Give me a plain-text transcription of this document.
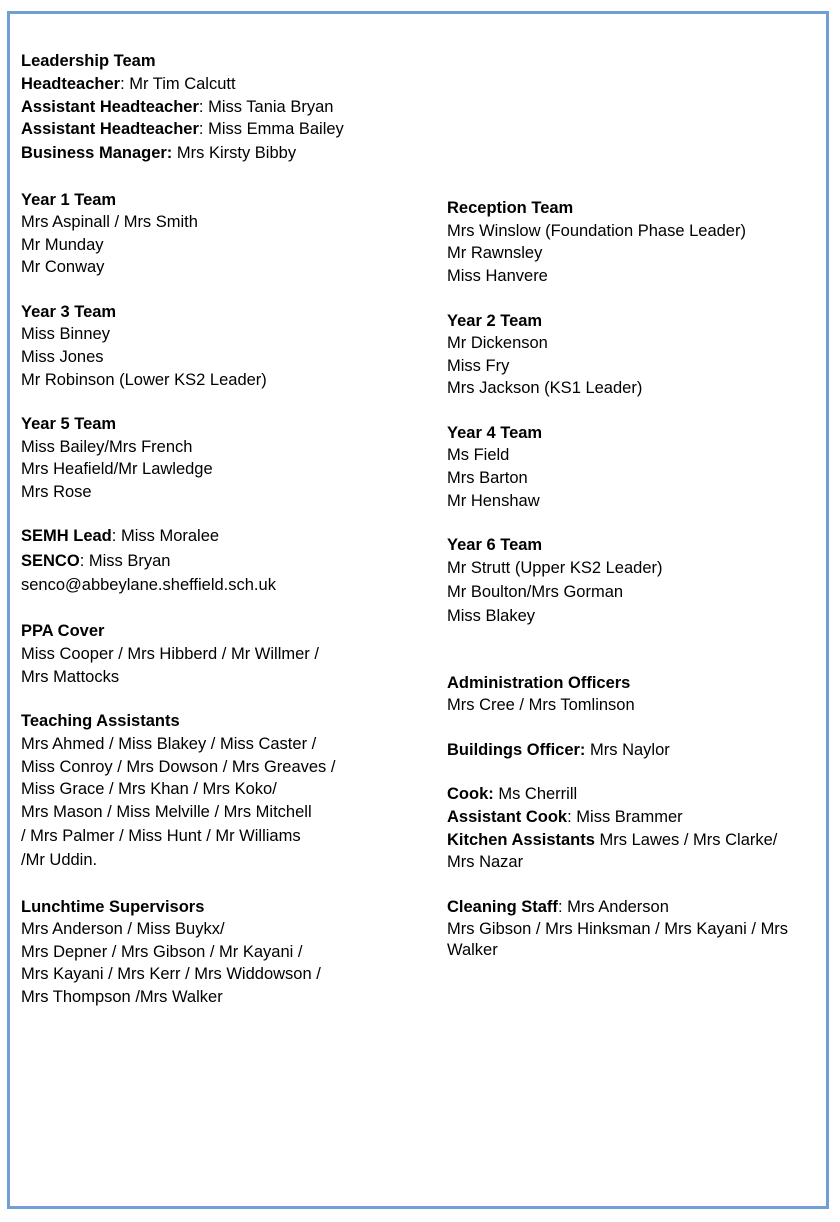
Leadership Team
Headteacher: Mr Tim Calcutt
Assistant Headteacher: Miss Tania Bryan
Assistant Headteacher: Miss Emma Bailey
Business Manager: Mrs Kirsty Bibby
Year 1 Team
Mrs Aspinall / Mrs Smith
Mr Munday
Mr Conway
Year 3 Team
Miss Binney
Miss Jones
Mr Robinson (Lower KS2 Leader)
Year 5 Team
Miss Bailey/Mrs French
Mrs Heafield/Mr Lawledge
Mrs Rose
SEMH Lead: Miss Moralee
SENCO: Miss Bryan
senco@abbeylane.sheffield.sch.uk
PPA Cover
Miss Cooper / Mrs Hibberd / Mr Willmer /
Mrs Mattocks
Teaching Assistants
Mrs Ahmed / Miss Blakey / Miss Caster /
Miss Conroy / Mrs Dowson / Mrs Greaves /
Miss Grace / Mrs Khan / Mrs Koko/
Mrs Mason / Miss Melville / Mrs Mitchell
/ Mrs Palmer / Miss Hunt / Mr Williams
/Mr Uddin.
Lunchtime Supervisors
Mrs Anderson / Miss Buykx/
Mrs Depner / Mrs Gibson / Mr Kayani /
Mrs Kayani / Mrs Kerr / Mrs Widdowson /
Mrs Thompson /Mrs Walker
Reception Team
Mrs Winslow (Foundation Phase Leader)
Mr Rawnsley
Miss Hanvere
Year 2 Team
Mr Dickenson
Miss Fry
Mrs Jackson (KS1 Leader)
Year 4 Team
Ms Field
Mrs Barton
Mr Henshaw
Year 6 Team
Mr Strutt (Upper KS2 Leader)
Mr Boulton/Mrs Gorman
Miss Blakey
Administration Officers
Mrs Cree / Mrs Tomlinson
Buildings Officer: Mrs Naylor
Cook: Ms Cherrill
Assistant Cook: Miss Brammer
Kitchen Assistants Mrs Lawes / Mrs Clarke/
Mrs Nazar
Cleaning Staff: Mrs Anderson
Mrs Gibson / Mrs Hinksman / Mrs Kayani / Mrs
Walker
